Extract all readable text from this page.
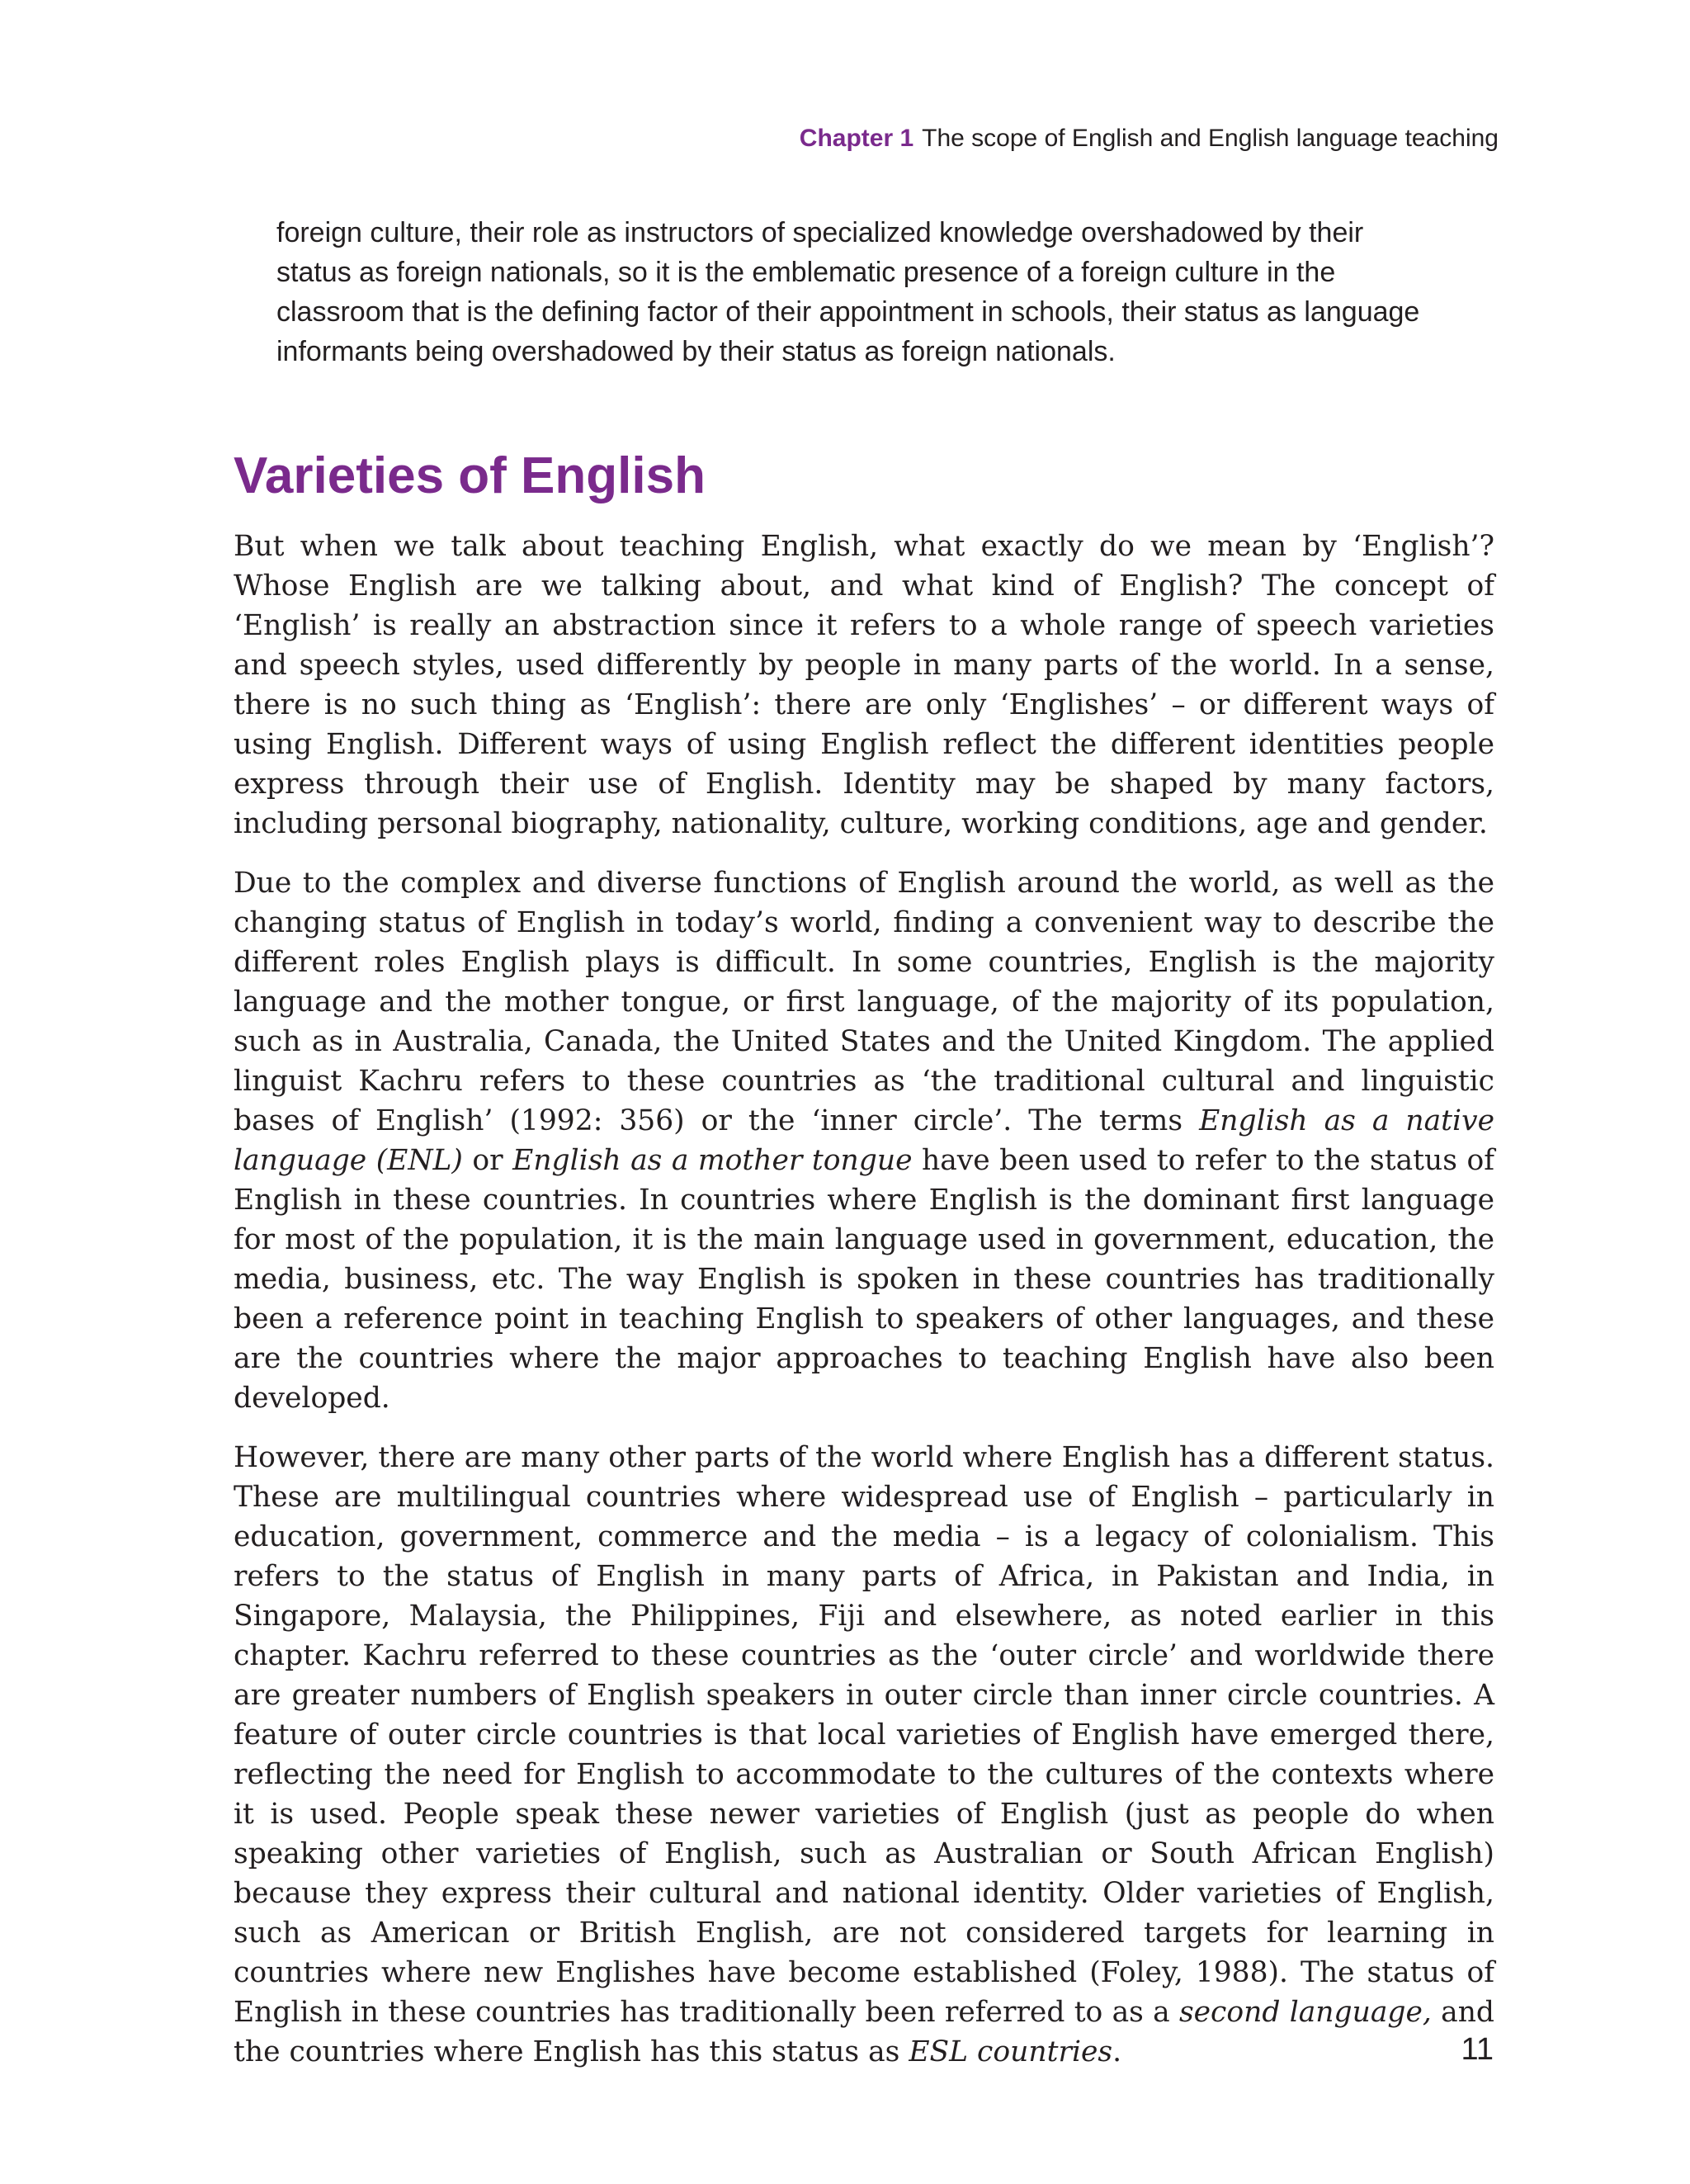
Chapter 1 The scope of English and English language teaching
foreign culture, their role as instructors of specialized knowledge overshadowed by their status as foreign nationals, so it is the emblematic presence of a foreign culture in the classroom that is the defining factor of their appointment in schools, their status as language informants being overshadowed by their status as foreign nationals.
Varieties of English

But when we talk about teaching English, what exactly do we mean by ‘English’? Whose English are we talking about, and what kind of English? The concept of ‘English’ is really an abstraction since it refers to a whole range of speech varieties and speech styles, used differently by people in many parts of the world. In a sense, there is no such thing as ‘English’: there are only ‘Englishes’ – or different ways of using English. Different ways of using English reflect the different identities people express through their use of English. Identity may be shaped by many factors, including personal biography, nationality, culture, working conditions, age and gender.

Due to the complex and diverse functions of English around the world, as well as the changing status of English in today’s world, finding a convenient way to describe the different roles English plays is difficult. In some countries, English is the majority language and the mother tongue, or first language, of the majority of its population, such as in Australia, Canada, the United States and the United Kingdom. The applied linguist Kachru refers to these countries as ‘the traditional cultural and linguistic bases of English’ (1992: 356) or the ‘inner circle’. The terms English as a native language (ENL) or English as a mother tongue have been used to refer to the status of English in these countries. In countries where English is the dominant first language for most of the population, it is the main language used in government, education, the media, business, etc. The way English is spoken in these countries has traditionally been a reference point in teaching English to speakers of other languages, and these are the countries where the major approaches to teaching English have also been developed.

However, there are many other parts of the world where English has a different status. These are multilingual countries where widespread use of English – particularly in education, government, commerce and the media – is a legacy of colonialism. This refers to the status of English in many parts of Africa, in Pakistan and India, in Singapore, Malaysia, the Philippines, Fiji and elsewhere, as noted earlier in this chapter. Kachru referred to these countries as the ‘outer circle’ and worldwide there are greater numbers of English speakers in outer circle than inner circle countries. A feature of outer circle countries is that local varieties of English have emerged there, reflecting the need for English to accommodate to the cultures of the contexts where it is used. People speak these newer varieties of English (just as people do when speaking other varieties of English, such as Australian or South African English) because they express their cultural and national identity. Older varieties of English, such as American or British English, are not considered targets for learning in countries where new Englishes have become established (Foley, 1988). The status of English in these countries has traditionally been referred to as a second language, and the countries where English has this status as ESL countries.	11
